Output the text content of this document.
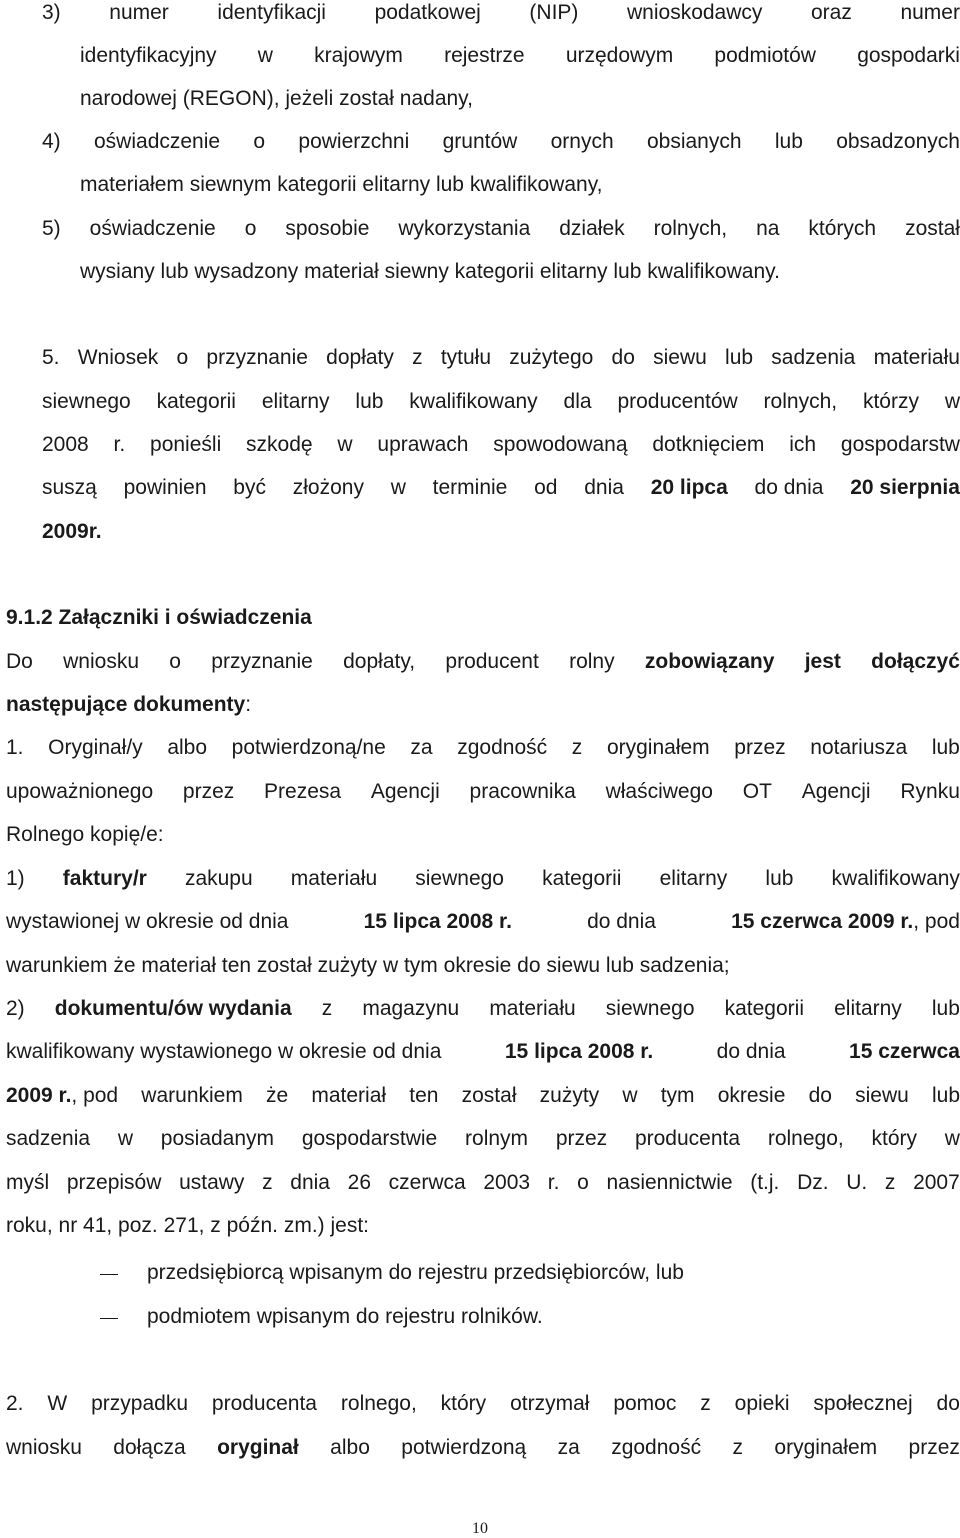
3) numer identyfikacji podatkowej (NIP) wnioskodawcy oraz numer
identyfikacyjny w krajowym rejestrze urzędowym podmiotów gospodarki
narodowej (REGON), jeżeli został nadany,
4) oświadczenie o powierzchni gruntów ornych obsianych lub obsadzonych
materiałem siewnym kategorii elitarny lub kwalifikowany,
5) oświadczenie o sposobie wykorzystania działek rolnych, na których został
wysiany lub wysadzony materiał siewny kategorii elitarny lub kwalifikowany.
5. Wniosek o przyznanie dopłaty z tytułu zużytego do siewu lub sadzenia materiału
siewnego kategorii elitarny lub kwalifikowany dla producentów rolnych, którzy w
2008 r. ponieśli szkodę w uprawach spowodowaną dotknięciem ich gospodarstw
suszą powinien być złożony w terminie od dnia 20 lipca do dnia 20 sierpnia
2009r.
9.1.2 Załączniki i oświadczenia
Do wniosku o przyznanie dopłaty, producent rolny zobowiązany jest dołączyć
następujące dokumenty:
1. Oryginał/y albo potwierdzoną/ne za zgodność z oryginałem przez notariusza lub
upoważnionego przez Prezesa Agencji pracownika właściwego OT Agencji Rynku
Rolnego kopię/e:
1) faktury/r zakupu materiału siewnego kategorii elitarny lub kwalifikowany
wystawionej w okresie od dnia	15 lipca 2008 r.	do dnia	15 czerwca 2009 r., pod
warunkiem że materiał ten został zużyty w tym okresie do siewu lub sadzenia;
2) dokumentu/ów wydania z magazynu materiału siewnego kategorii elitarny lub
kwalifikowany wystawionego w okresie od dnia	15 lipca 2008 r.	do dnia	15 czerwca
2009 r., pod warunkiem że materiał ten został zużyty w tym okresie do siewu lub
sadzenia w posiadanym gospodarstwie rolnym przez producenta rolnego, który w
myśl przepisów ustawy z dnia 26 czerwca 2003 r. o nasiennictwie (t.j. Dz. U. z 2007
roku, nr 41, poz. 271, z późn. zm.) jest:
przedsiębiorcą wpisanym do rejestru przedsiębiorców, lub
podmiotem wpisanym do rejestru rolników.
2. W przypadku producenta rolnego, który otrzymał pomoc z opieki społecznej do
wniosku dołącza oryginał albo potwierdzoną za zgodność z oryginałem przez
10
